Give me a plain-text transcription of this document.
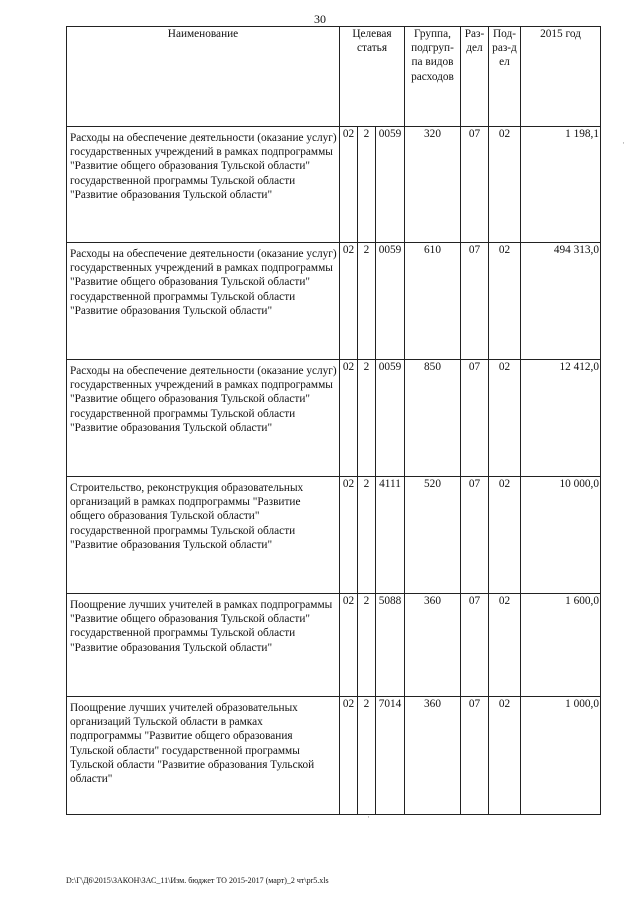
30
Наименование	Целевая статья			Группа, подгруп-па видов расходов	Раз-дел	Под-раз-дел	2015 год
Расходы на обеспечение деятельности (оказание услуг) государственных учреждений в рамках подпрограммы "Развитие общего образования Тульской области" государственной программы Тульской области "Развитие образования Тульской области"	02	2	0059	320	07	02	1 198,1
Расходы на обеспечение деятельности (оказание услуг) государственных учреждений в рамках подпрограммы "Развитие общего образования Тульской области" государственной программы Тульской области "Развитие образования Тульской области"	02	2	0059	610	07	02	494 313,0
Расходы на обеспечение деятельности (оказание услуг) государственных учреждений в рамках подпрограммы "Развитие общего образования Тульской области" государственной программы Тульской области "Развитие образования Тульской области"	02	2	0059	850	07	02	12 412,0
Строительство, реконструкция образовательных организаций в рамках подпрограммы "Развитие общего образования Тульской области" государственной программы Тульской области "Развитие образования Тульской области"	02	2	4111	520	07	02	10 000,0
Поощрение лучших учителей в рамках подпрограммы "Развитие общего образования Тульской области" государственной программы Тульской области "Развитие образования Тульской области"	02	2	5088	360	07	02	1 600,0
Поощрение лучших учителей образовательных организаций Тульской области в рамках подпрограммы "Развитие общего образования Тульской области" государственной программы Тульской области "Развитие образования Тульской области"	02	2	7014	360	07	02	1 000,0
·
·
D:\Г\Д6\2015\ЗАКОН\ЗАС_11\Изм. бюджет ТО 2015-2017 (март)_2 чт\pr5.xls
